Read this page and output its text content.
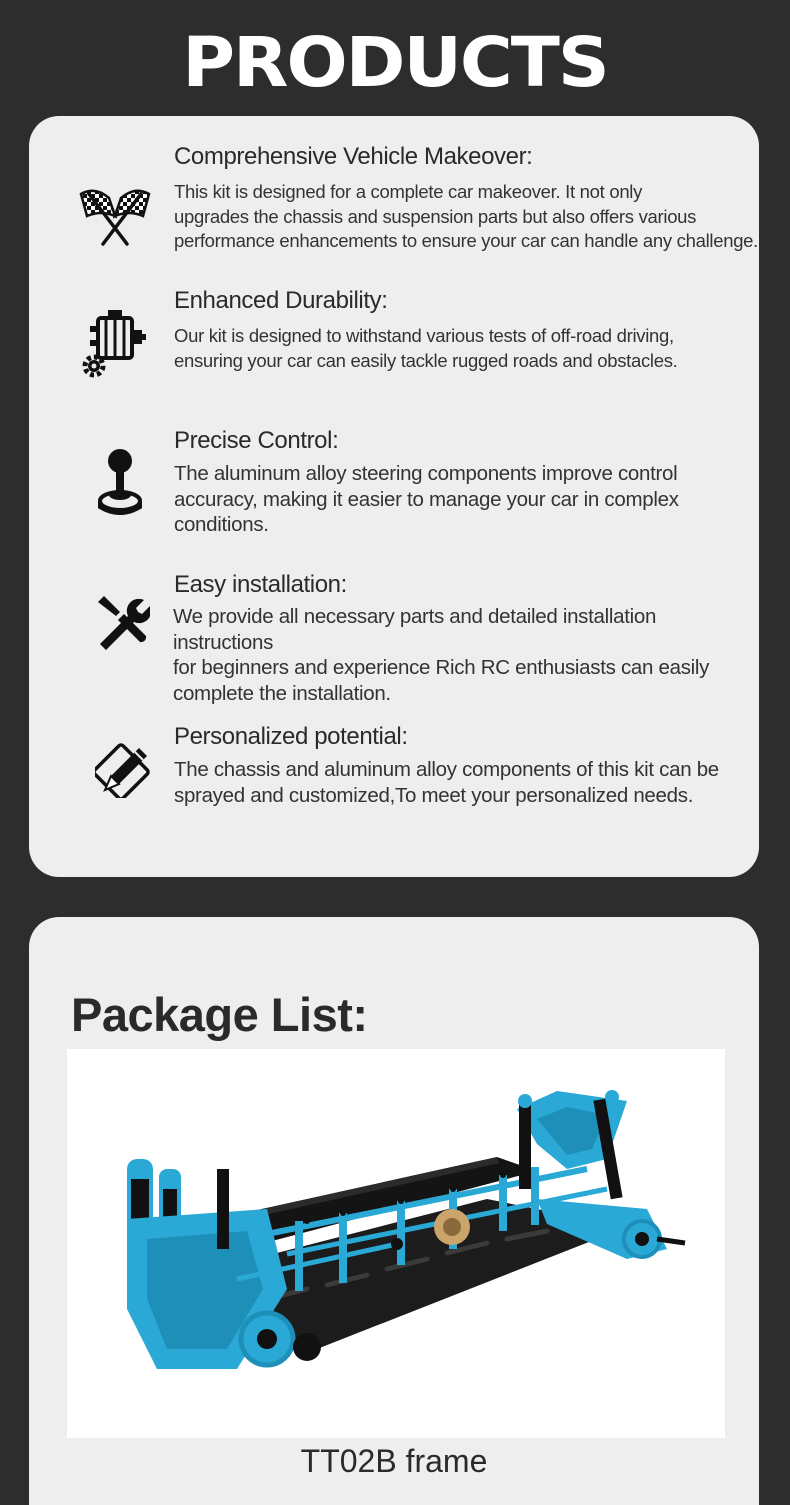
PRODUCTS
Comprehensive Vehicle Makeover:
This kit is designed for a complete car makeover. It not only
upgrades the chassis and suspension parts but also offers various
performance enhancements to ensure your car can handle any challenge.
Enhanced Durability:
Our kit is designed to withstand various tests of off-road driving,
ensuring your car can easily tackle rugged roads and obstacles.
Precise Control:
The aluminum alloy steering components improve control
accuracy, making it easier to manage your car in complex
conditions.
Easy installation:
We provide all necessary parts and detailed installation instructions
for beginners and experience Rich RC enthusiasts can easily
complete the installation.
Personalized potential:
The chassis and aluminum alloy components of this kit can be
sprayed and customized,To meet your personalized needs.
Package List:
TT02B frame
